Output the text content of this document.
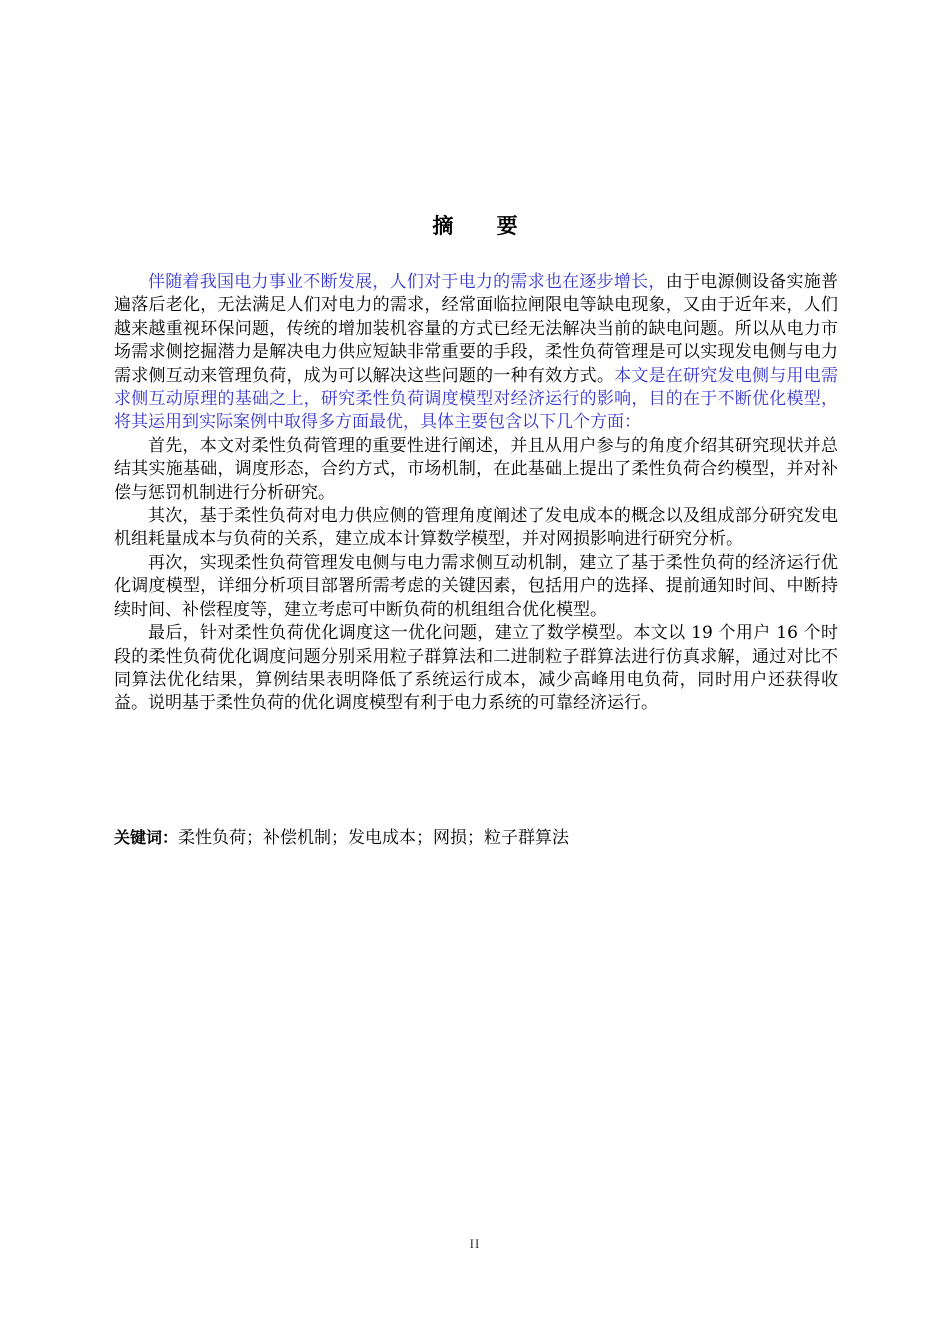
摘 要

伴随着我国电力事业不断发展，人们对于电力的需求也在逐步增长，由于电源侧设备实施普遍落后老化，无法满足人们对电力的需求，经常面临拉闸限电等缺电现象，又由于近年来，人们越来越重视环保问题，传统的增加装机容量的方式已经无法解决当前的缺电问题。所以从电力市场需求侧挖掘潜力是解决电力供应短缺非常重要的手段，柔性负荷管理是可以实现发电侧与电力需求侧互动来管理负荷，成为可以解决这些问题的一种有效方式。本文是在研究发电侧与用电需求侧互动原理的基础之上，研究柔性负荷调度模型对经济运行的影响，目的在于不断优化模型，将其运用到实际案例中取得多方面最优，具体主要包含以下几个方面：

首先，本文对柔性负荷管理的重要性进行阐述，并且从用户参与的角度介绍其研究现状并总结其实施基础，调度形态，合约方式，市场机制，在此基础上提出了柔性负荷合约模型，并对补偿与惩罚机制进行分析研究。

其次，基于柔性负荷对电力供应侧的管理角度阐述了发电成本的概念以及组成部分研究发电机组耗量成本与负荷的关系，建立成本计算数学模型，并对网损影响进行研究分析。

再次，实现柔性负荷管理发电侧与电力需求侧互动机制，建立了基于柔性负荷的经济运行优化调度模型，详细分析项目部署所需考虑的关键因素，包括用户的选择、提前通知时间、中断持续时间、补偿程度等，建立考虑可中断负荷的机组组合优化模型。

最后，针对柔性负荷优化调度这一优化问题，建立了数学模型。本文以 19 个用户 16 个时段的柔性负荷优化调度问题分别采用粒子群算法和二进制粒子群算法进行仿真求解，通过对比不同算法优化结果，算例结果表明降低了系统运行成本，减少高峰用电负荷，同时用户还获得收益。说明基于柔性负荷的优化调度模型有利于电力系统的可靠经济运行。

关键词：柔性负荷；补偿机制；发电成本；网损；粒子群算法
II
